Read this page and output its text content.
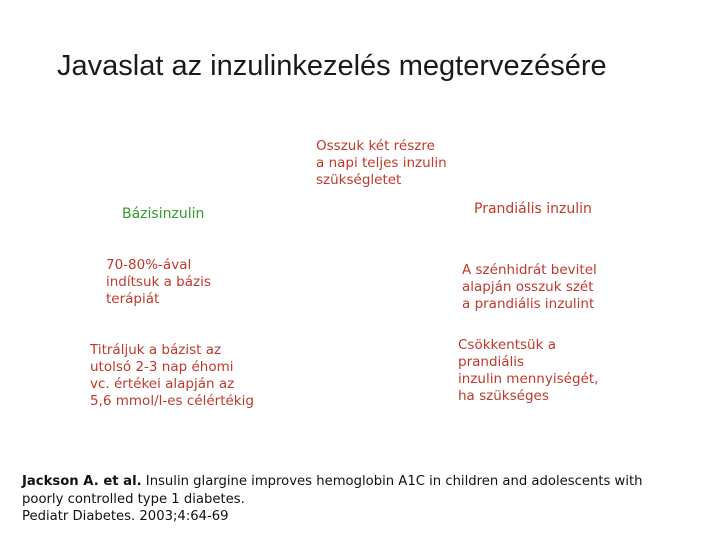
Javaslat az inzulinkezelés megtervezésére
Osszuk két részre
a napi teljes inzulin
szükségletet
Bázisinzulin	Prandiális inzulin
70-80%-ával
indítsuk a bázis
terápiát
A szénhidrát bevitel
alapján osszuk szét
a prandiális inzulint
Titráljuk a bázist az
utolsó 2-3 nap éhomi
vc. értékei alapján az
5,6 mmol/l-es célértékig
Csökkentsük a
prandiális
inzulin mennyiségét,
ha szükséges
Jackson A. et al. Insulin glargine improves hemoglobin A1C in children and adolescents with
poorly controlled type 1 diabetes.
Pediatr Diabetes. 2003;4:64-69
